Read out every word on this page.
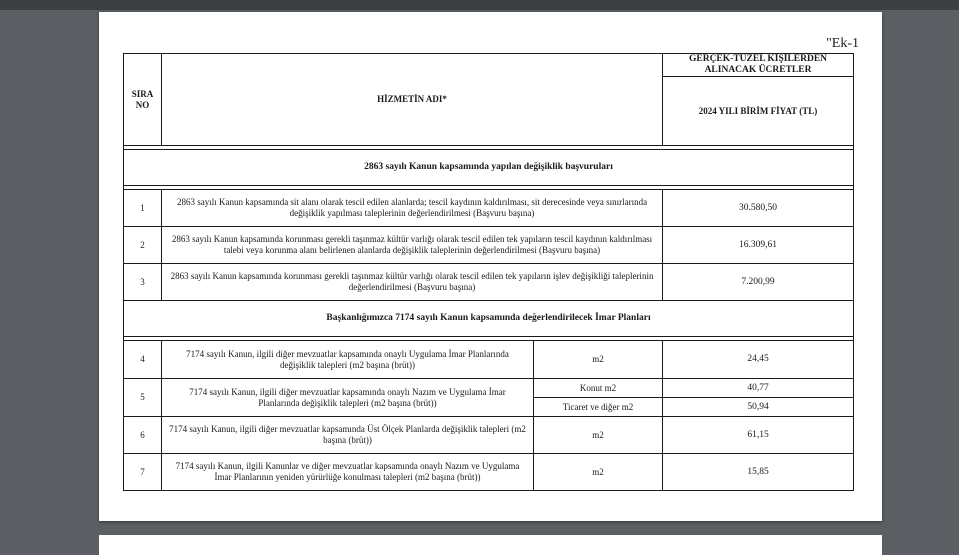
"Ek-1
SIRA NO	HİZMETİN ADI*		GERÇEK-TÜZEL KİŞİLERDEN ALINACAK ÜCRETLER
			2024 YILI BİRİM FİYAT (TL)

2863 sayılı Kanun kapsamında yapılan değişiklik başvuruları			

1	2863 sayılı Kanun kapsamında sit alanı olarak tescil edilen alanlarda; tescil kaydının kaldırılması, sit derecesinde veya sınırlarında değişiklik yapılması taleplerinin değerlendirilmesi (Başvuru başına)		30.580,50
2	2863 sayılı Kanun kapsamında korunması gerekli taşınmaz kültür varlığı olarak tescil edilen tek yapıların tescil kaydının kaldırılması talebi veya korunma alanı belirlenen alanlarda değişiklik taleplerinin değerlendirilmesi (Başvuru başına)		16.309,61
3	2863 sayılı Kanun kapsamında korunması gerekli taşınmaz kültür varlığı olarak tescil edilen tek yapıların işlev değişikliği taleplerinin değerlendirilmesi (Başvuru başına)		7.200,99
Başkanlığımızca 7174 sayılı Kanun kapsamında değerlendirilecek İmar Planları			

4	7174 sayılı Kanun, ilgili diğer mevzuatlar kapsamında onaylı Uygulama İmar Planlarında değişiklik talepleri (m2 başına (brüt))	m2	24,45
5	7174 sayılı Kanun, ilgili diğer mevzuatlar kapsamında onaylı Nazım ve Uygulama İmar Planlarında değişiklik talepleri (m2 başına (brüt))	Konut m2	40,77
		Ticaret ve diğer m2	50,94
6	7174 sayılı Kanun, ilgili diğer mevzuatlar kapsamında Üst Ölçek Planlarda değişiklik talepleri (m2 başına (brüt))	m2	61,15
7	7174 sayılı Kanun, ilgili Kanunlar ve diğer mevzuatlar kapsamında onaylı Nazım ve Uygulama İmar Planlarının yeniden yürürlüğe konulması talepleri (m2 başına (brüt))	m2	15,85
